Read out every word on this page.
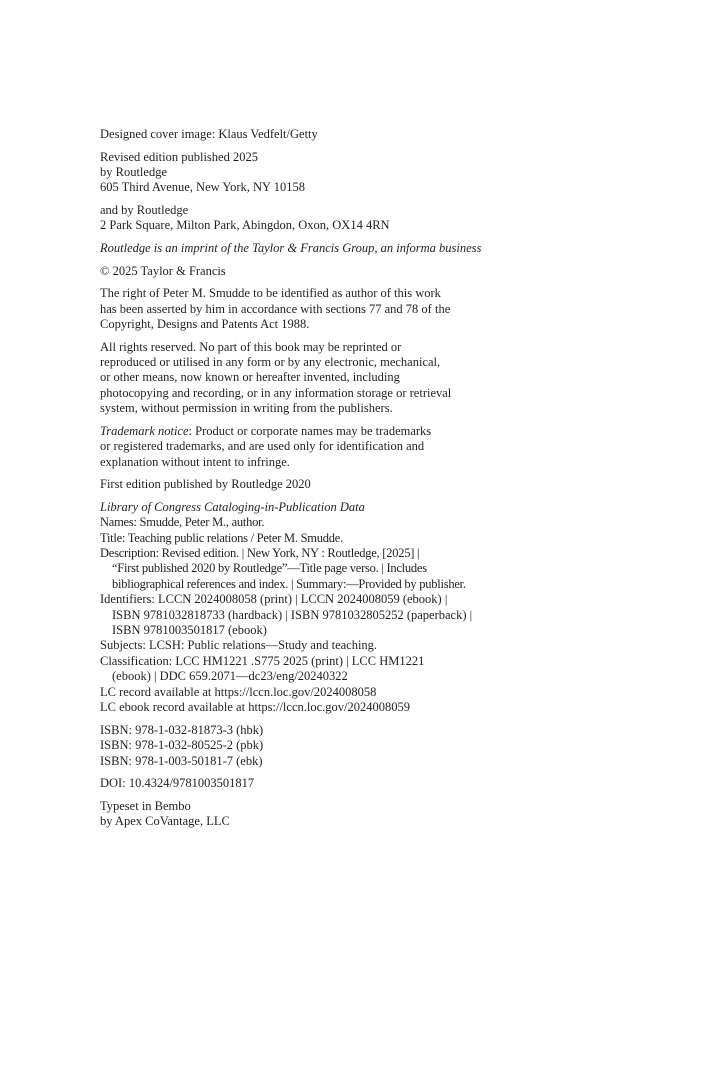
Designed cover image: Klaus Vedfelt/Getty
Revised edition published 2025
by Routledge
605 Third Avenue, New York, NY 10158
and by Routledge
2 Park Square, Milton Park, Abingdon, Oxon, OX14 4RN
Routledge is an imprint of the Taylor & Francis Group, an informa business
© 2025 Taylor & Francis
The right of Peter M. Smudde to be identified as author of this work
has been asserted by him in accordance with sections 77 and 78 of the
Copyright, Designs and Patents Act 1988.
All rights reserved. No part of this book may be reprinted or
reproduced or utilised in any form or by any electronic, mechanical,
or other means, now known or hereafter invented, including
photocopying and recording, or in any information storage or retrieval
system, without permission in writing from the publishers.
Trademark notice: Product or corporate names may be trademarks
or registered trademarks, and are used only for identification and
explanation without intent to infringe.
First edition published by Routledge 2020
Library of Congress Cataloging-in-Publication Data
Names: Smudde, Peter M., author.
Title: Teaching public relations / Peter M. Smudde.
Description: Revised edition. | New York, NY : Routledge, [2025] |
“First published 2020 by Routledge”—Title page verso. | Includes
bibliographical references and index. | Summary:—Provided by publisher.
Identifiers: LCCN 2024008058 (print) | LCCN 2024008059 (ebook) |
ISBN 9781032818733 (hardback) | ISBN 9781032805252 (paperback) |
ISBN 9781003501817 (ebook)
Subjects: LCSH: Public relations—Study and teaching.
Classification: LCC HM1221 .S775 2025 (print) | LCC HM1221
(ebook) | DDC 659.2071—dc23/eng/20240322
LC record available at https://lccn.loc.gov/2024008058
LC ebook record available at https://lccn.loc.gov/2024008059
ISBN: 978-1-032-81873-3 (hbk)
ISBN: 978-1-032-80525-2 (pbk)
ISBN: 978-1-003-50181-7 (ebk)
DOI: 10.4324/9781003501817
Typeset in Bembo
by Apex CoVantage, LLC
